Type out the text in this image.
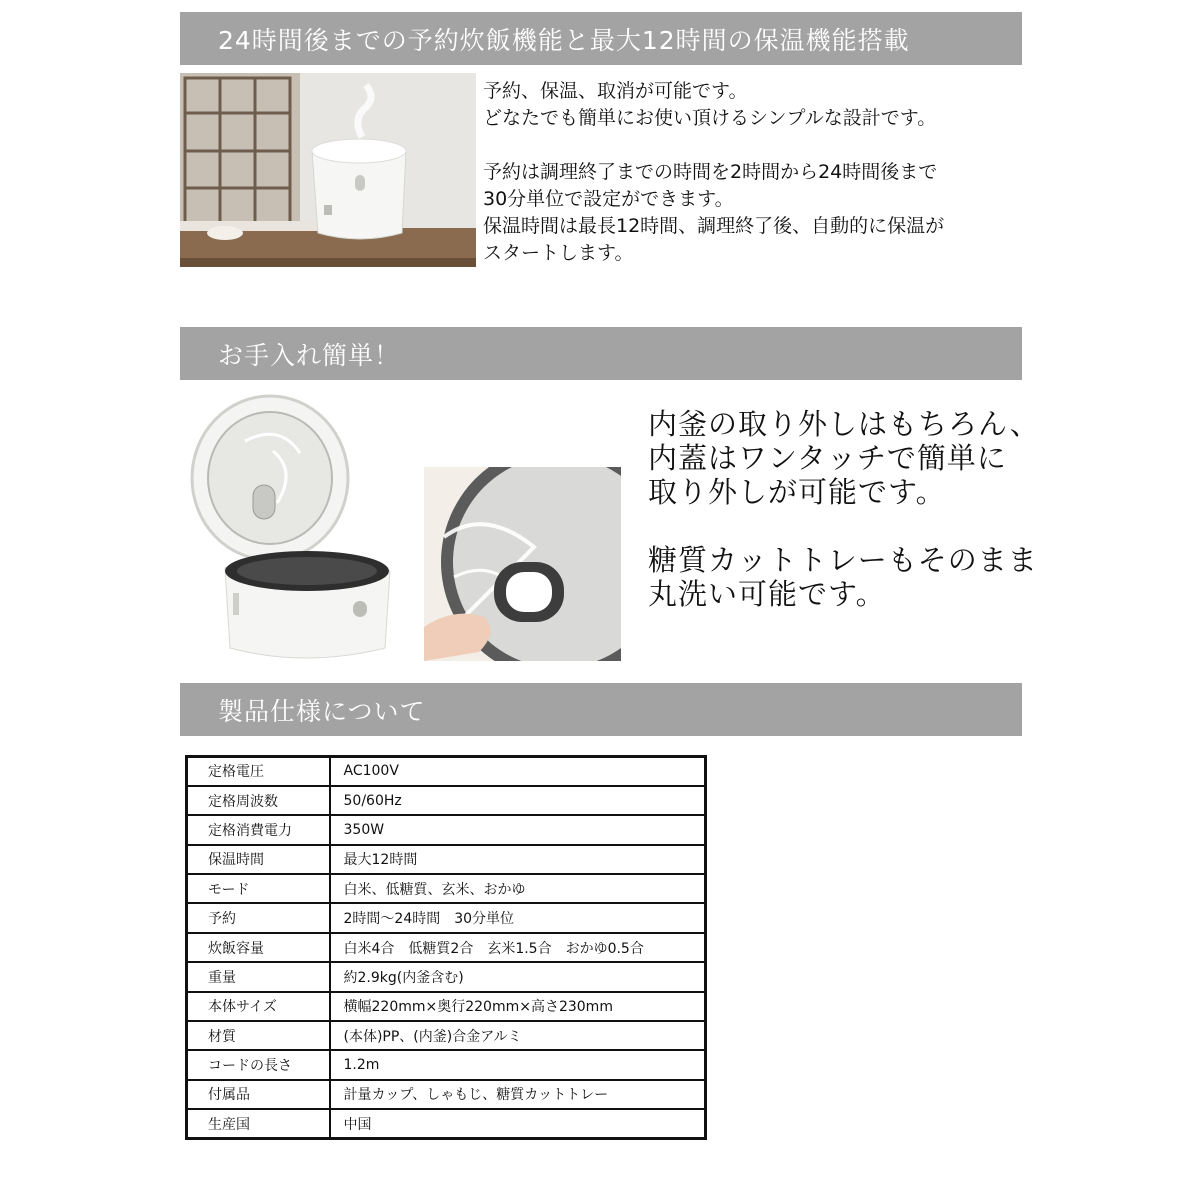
24時間後までの予約炊飯機能と最大12時間の保温機能搭載
予約、保温、取消が可能です。
どなたでも簡単にお使い頂けるシンプルな設計です。

予約は調理終了までの時間を2時間から24時間後まで
30分単位で設定ができます。
保温時間は最長12時間、調理終了後、自動的に保温が
スタートします。
お手入れ簡単！
内釜の取り外しはもちろん、
内蓋はワンタッチで簡単に
取り外しが可能です。

糖質カットトレーもそのまま
丸洗い可能です。
製品仕様について
定格電圧	AC100V
定格周波数	50/60Hz
定格消費電力	350W
保温時間	最大12時間
モード	白米、低糖質、玄米、おかゆ
予約	2時間～24時間　30分単位
炊飯容量	白米4合　低糖質2合　玄米1.5合　おかゆ0.5合
重量	約2.9kg(内釜含む)
本体サイズ	横幅220mm×奥行220mm×高さ230mm
材質	(本体)PP、(内釜)合金アルミ
コードの長さ	1.2m
付属品	計量カップ、しゃもじ、糖質カットトレー
生産国	中国
